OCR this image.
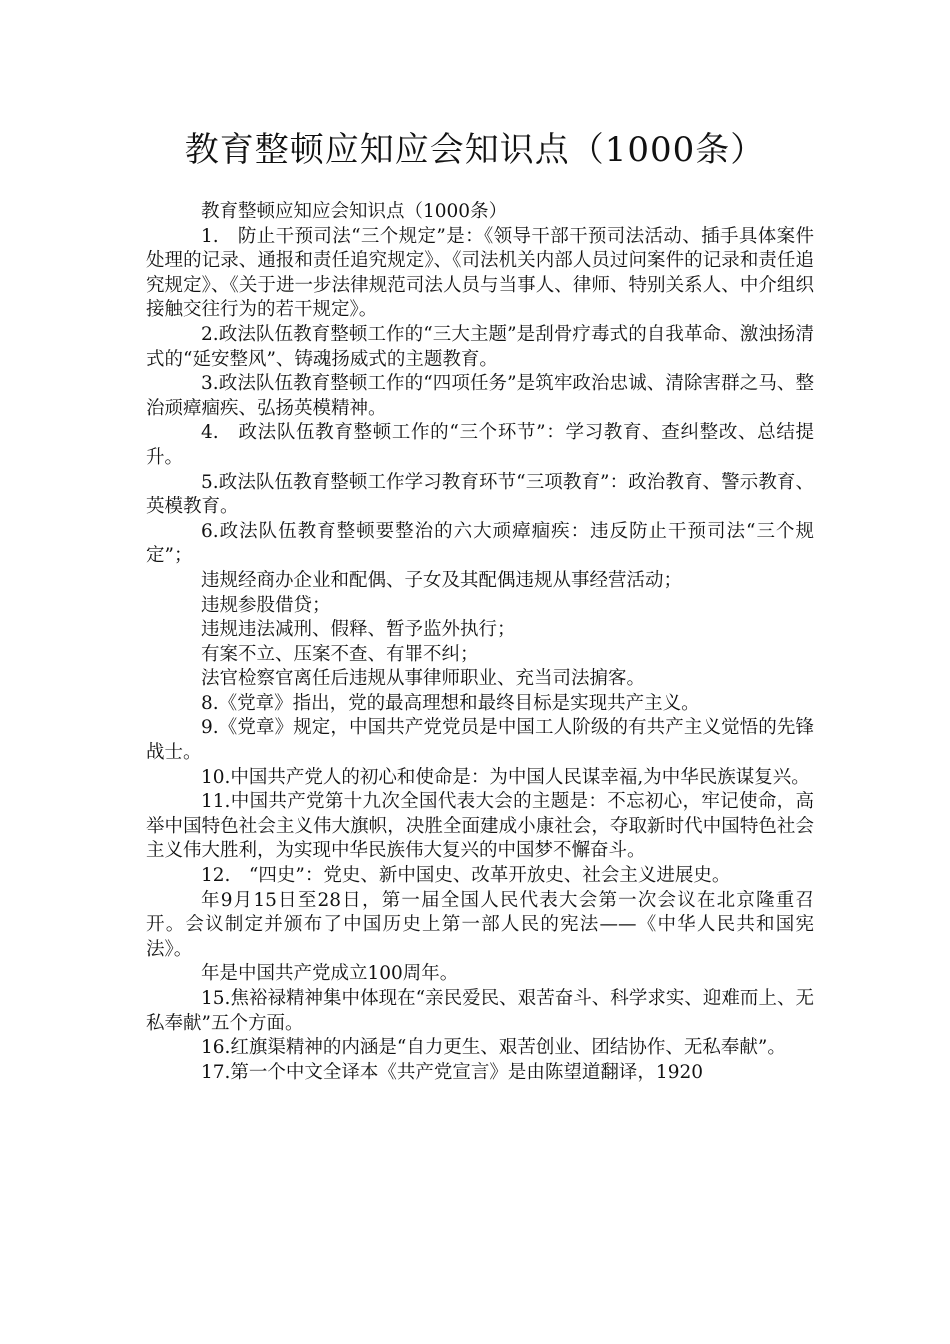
教育整顿应知应会知识点（1000条）

教育整顿应知应会知识点（1000条）

1.　防止干预司法“三个规定”是：《领导干部干预司法活动、插手具体案件处理的记录、通报和责任追究规定》、《司法机关内部人员过问案件的记录和责任追究规定》、《关于进一步法律规范司法人员与当事人、律师、特别关系人、中介组织接触交往行为的若干规定》。

2.政法队伍教育整顿工作的“三大主题”是刮骨疗毒式的自我革命、激浊扬清式的“延安整风”、铸魂扬威式的主题教育。

3.政法队伍教育整顿工作的“四项任务”是筑牢政治忠诚、清除害群之马、整治顽瘴痼疾、弘扬英模精神。

4.　政法队伍教育整顿工作的“三个环节”：学习教育、查纠整改、总结提升。

5.政法队伍教育整顿工作学习教育环节“三项教育”：政治教育、警示教育、英模教育。

6.政法队伍教育整顿要整治的六大顽瘴痼疾：违反防止干预司法“三个规定”；

违规经商办企业和配偶、子女及其配偶违规从事经营活动；

违规参股借贷；

违规违法减刑、假释、暂予监外执行；

有案不立、压案不查、有罪不纠；

法官检察官离任后违规从事律师职业、充当司法掮客。

8.《党章》指出，党的最高理想和最终目标是实现共产主义。

9.《党章》规定，中国共产党党员是中国工人阶级的有共产主义觉悟的先锋战士。

10.中国共产党人的初心和使命是：为中国人民谋幸福,为中华民族谋复兴。

11.中国共产党第十九次全国代表大会的主题是：不忘初心，牢记使命，高举中国特色社会主义伟大旗帜，决胜全面建成小康社会，夺取新时代中国特色社会主义伟大胜利，为实现中华民族伟大复兴的中国梦不懈奋斗。

12.　“四史”：党史、新中国史、改革开放史、社会主义进展史。

年9月15日至28日，第一届全国人民代表大会第一次会议在北京隆重召开。会议制定并颁布了中国历史上第一部人民的宪法——《中华人民共和国宪法》。

年是中国共产党成立100周年。

15.焦裕禄精神集中体现在“亲民爱民、艰苦奋斗、科学求实、迎难而上、无私奉献”五个方面。

16.红旗渠精神的内涵是“自力更生、艰苦创业、团结协作、无私奉献”。

17.第一个中文全译本《共产党宣言》是由陈望道翻译，1920
